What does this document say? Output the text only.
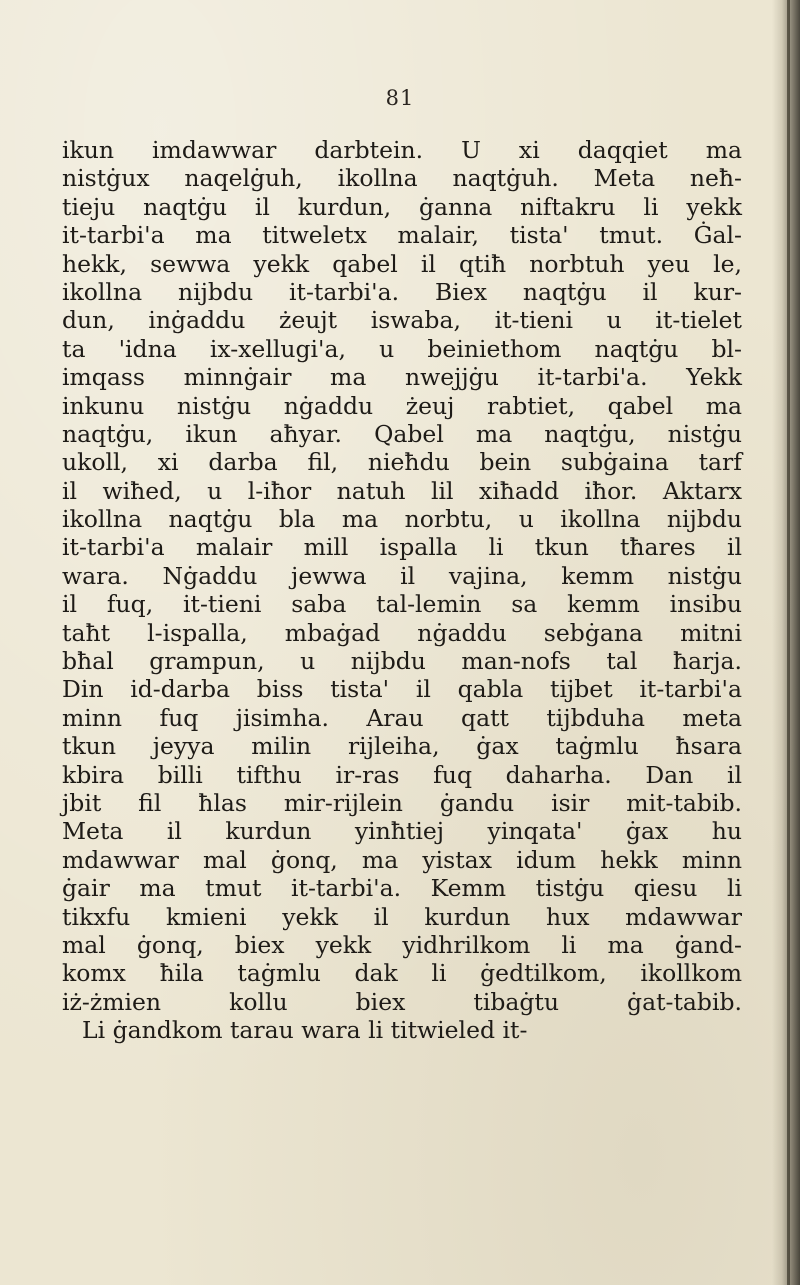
81
ikun imdawwar darbtein. U xi daqqiet ma
nistġux naqelġuh, ikollna naqtġuh. Meta neħ-
tieju naqtġu il kurdun, ġanna niftakru li yekk
it-tarbi'a ma titweletx malair, tista' tmut. Ġal-
hekk, sewwa yekk qabel il qtiħ norbtuh yeu le,
ikollna nijbdu it-tarbi'a. Biex naqtġu il kur-
dun, inġaddu żeujt iswaba, it-tieni u it-tielet
ta 'idna ix-xellugi'a, u beiniethom naqtġu bl-
imqass minnġair ma nwejjġu it-tarbi'a. Yekk
inkunu nistġu nġaddu żeuj rabtiet, qabel ma
naqtġu, ikun aħyar. Qabel ma naqtġu, nistġu
ukoll, xi darba fil, nieħdu bein subġaina tarf
il wiħed, u l-iħor natuh lil xiħadd iħor. Aktarx
ikollna naqtġu bla ma norbtu, u ikollna nijbdu
it-tarbi'a malair mill ispalla li tkun tħares il
wara. Nġaddu jewwa il vajina, kemm nistġu
il fuq, it-tieni saba tal-lemin sa kemm insibu
taħt l-ispalla, mbaġad nġaddu sebġana mitni
bħal grampun, u nijbdu man-nofs tal ħarja.
Din id-darba biss tista' il qabla tijbet it-tarbi'a
minn fuq jisimha. Arau qatt tijbduha meta
tkun jeyya milin rijleiha, ġax taġmlu ħsara
kbira billi tifthu ir-ras fuq daharha. Dan il
jbit fil ħlas mir-rijlein ġandu isir mit-tabib.
Meta il kurdun yinħtiej yinqata' ġax hu
mdawwar mal ġonq, ma yistax idum hekk minn
ġair ma tmut it-tarbi'a. Kemm tistġu qiesu li
tikxfu kmieni yekk il kurdun hux mdawwar
mal ġonq, biex yekk yidhrilkom li ma ġand-
komx ħila taġmlu dak li ġedtilkom, ikollkom
iż-żmien kollu biex tibaġtu ġat-tabib.
Li ġandkom tarau wara li titwieled it-
